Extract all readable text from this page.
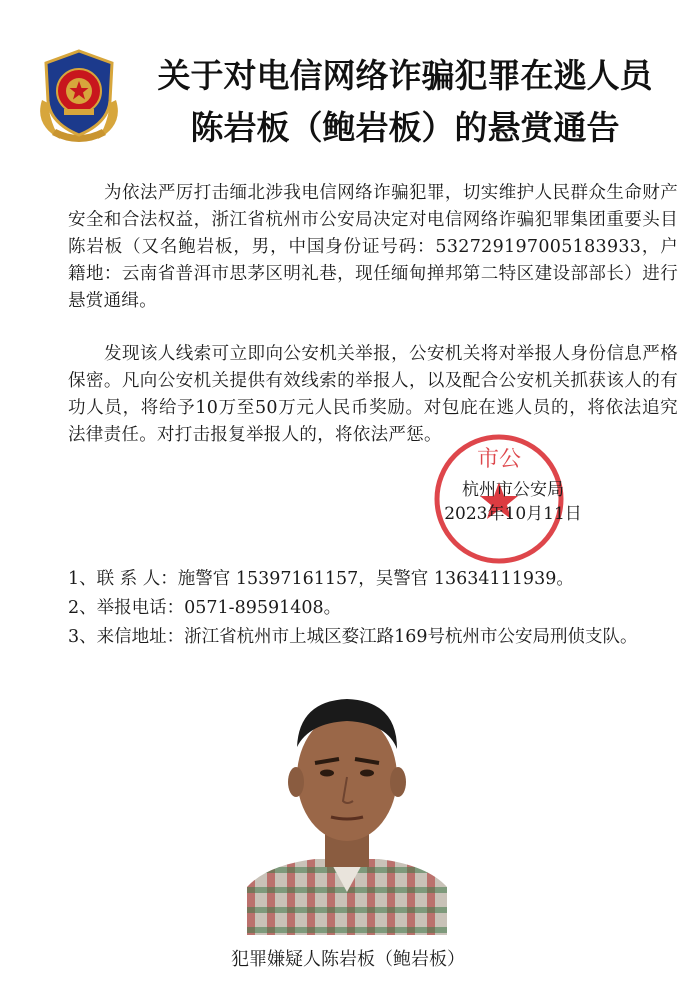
关于对电信网络诈骗犯罪在逃人员
陈岩板（鲍岩板）的悬赏通告
为依法严厉打击缅北涉我电信网络诈骗犯罪，切实维护人民群众生命财产安全和合法权益，浙江省杭州市公安局决定对电信网络诈骗犯罪集团重要头目陈岩板（又名鲍岩板，男，中国身份证号码：532729197005183933，户籍地：云南省普洱市思茅区明礼巷，现任缅甸掸邦第二特区建设部部长）进行悬赏通缉。
发现该人线索可立即向公安机关举报，公安机关将对举报人身份信息严格保密。凡向公安机关提供有效线索的举报人，以及配合公安机关抓获该人的有功人员，将给予10万至50万元人民币奖励。对包庇在逃人员的，将依法追究法律责任。对打击报复举报人的，将依法严惩。
市公
杭州市公安局
2023年10月11日
1、联 系 人：施警官 15397161157，吴警官 13634111939。
2、举报电话：0571-89591408。
3、来信地址：浙江省杭州市上城区婺江路169号杭州市公安局刑侦支队。
犯罪嫌疑人陈岩板（鲍岩板）
